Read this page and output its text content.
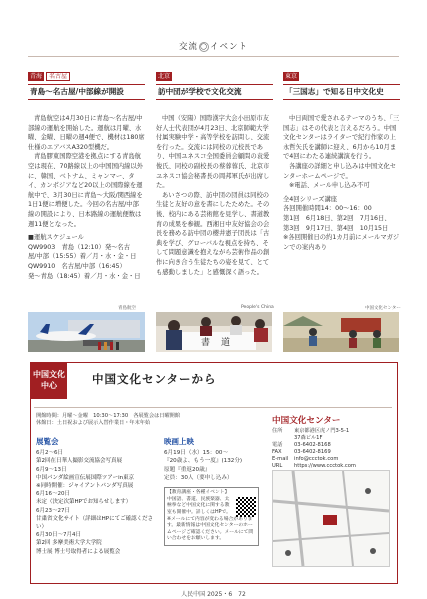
交流 ◯ イベント
青海 名古屋
青島〜名古屋/中部線が開設

青島航空は4月30日に青島〜名古屋/中部線の運航を開始した。運航は月曜、水曜、金曜、日曜の週4便で、機材は180席仕様のエアバスA320型機だ。

青島膠東国際空港を拠点にする青島航空は現在、70路線以上の中国国内線以外に、韓国、ベトナム、ミャンマー、タイ、カンボジアなど20以上の国際線を運航中で、3月30日に青島〜大阪/関西線を1日1便に増便した。今回の名古屋/中部線の開設により、日本路線の運航便数は週11便となった。

■運航スケジュール
QW9903　青島（12:10）発〜名古
屋/中部（15:55）着／月・水・金・日
QW9910　名古屋/中部（16:45）
発〜青島（18:45）着／月・水・金・日
青島航空
北京
訪中団が学校で文化交流

中国（安陽）国際漢字大会小田原市友好人士代表団が4月23日、北京師範大学付属実験中学・高等学校を訪問し、交流を行った。交流には同校の元校長であり、中国ユネスコ全国委員会顧問の袁愛俊氏、同校の副校長の蔡蓉蓉氏、北京市ユネスコ協会秘書長の岡邦軍氏が出席した。

あいさつの際、訪中団の団員は同校の生徒と友好の意を書にしたためた。その後、校内にある芸術館を見学し、書道教育の成果を参観。西湘日中友好協会の会長を務める訪中団の櫻井憲子団長は「古典を学び、グローバルな視点を持ち、そして問題意識を抱えながら芸術作品の創作に向き合う生徒たちの姿を見て、とても感動しました」と感慨深く語った。

People's China
書 道
東京
「三国志」で知る日中文化史

中日両国で愛されるテーマのうち、「三国志」はその代表と言えるだろう。中国文化センターはライターで紀行作家の上永哲矢氏を講師に迎え、6月から10月まで4回にわたる連続講演を行う。

各講座の詳細と申し込みは中国文化センターホームページで。

※電話、メール申し込み不可

全4回シリーズ講座
各回開催時間14：00〜16：00
第1回　6月18日、第2回　7月16日、
第3回　9月17日、第4回　10月15日
※各回開催日の約1カ月前にメールマガジンでの案内あり
中国文化センター
中国文化中心	中国文化センターから
開館時間：月曜〜金曜　10:30〜17:30　各展覧会は日曜開館
休館日：土日祝および展示入替作業日・年末年始
展覧会
6月2〜6日
第2回在日華人撮影交流協会写真展
6月9〜13日
中国パンダ絵画宣伝展国際ツアーin東京
※同時開催：ジャイアントパンダ写真展
6月16〜20日
未定（決定次第HPでお知らせします）
6月23〜27日
甘粛省文化サイト（詳細はHPにてご確認ください）
6月30日〜7月4日
第2回 多摩美術大学大学院
博士展 博士号取得者による展覧会
映画上映
6月19日（水）15：00〜
『20歳よ、もう一度』(132分)
原題『重返20歳』
定員：30人（要申し込み）
【教育講座・各種イベント】
中国語、書道、民族楽器、太極拳など中国文化に関する教室も開催中。詳しくはHPで。
※メールにて内容が変わる場合があります。最新情報は中国文化センターのホームページご確認ください。メールにて問い合わせをお願いします。
中国文化センター
住所	東京都港区虎ノ門3-5-1
37森ビル1F
電話	03-6402-8168
FAX	03-6402-8169
E-mail	info@ccctok.com
URL	https://www.ccctok.com
人民中国 2025・6　72
